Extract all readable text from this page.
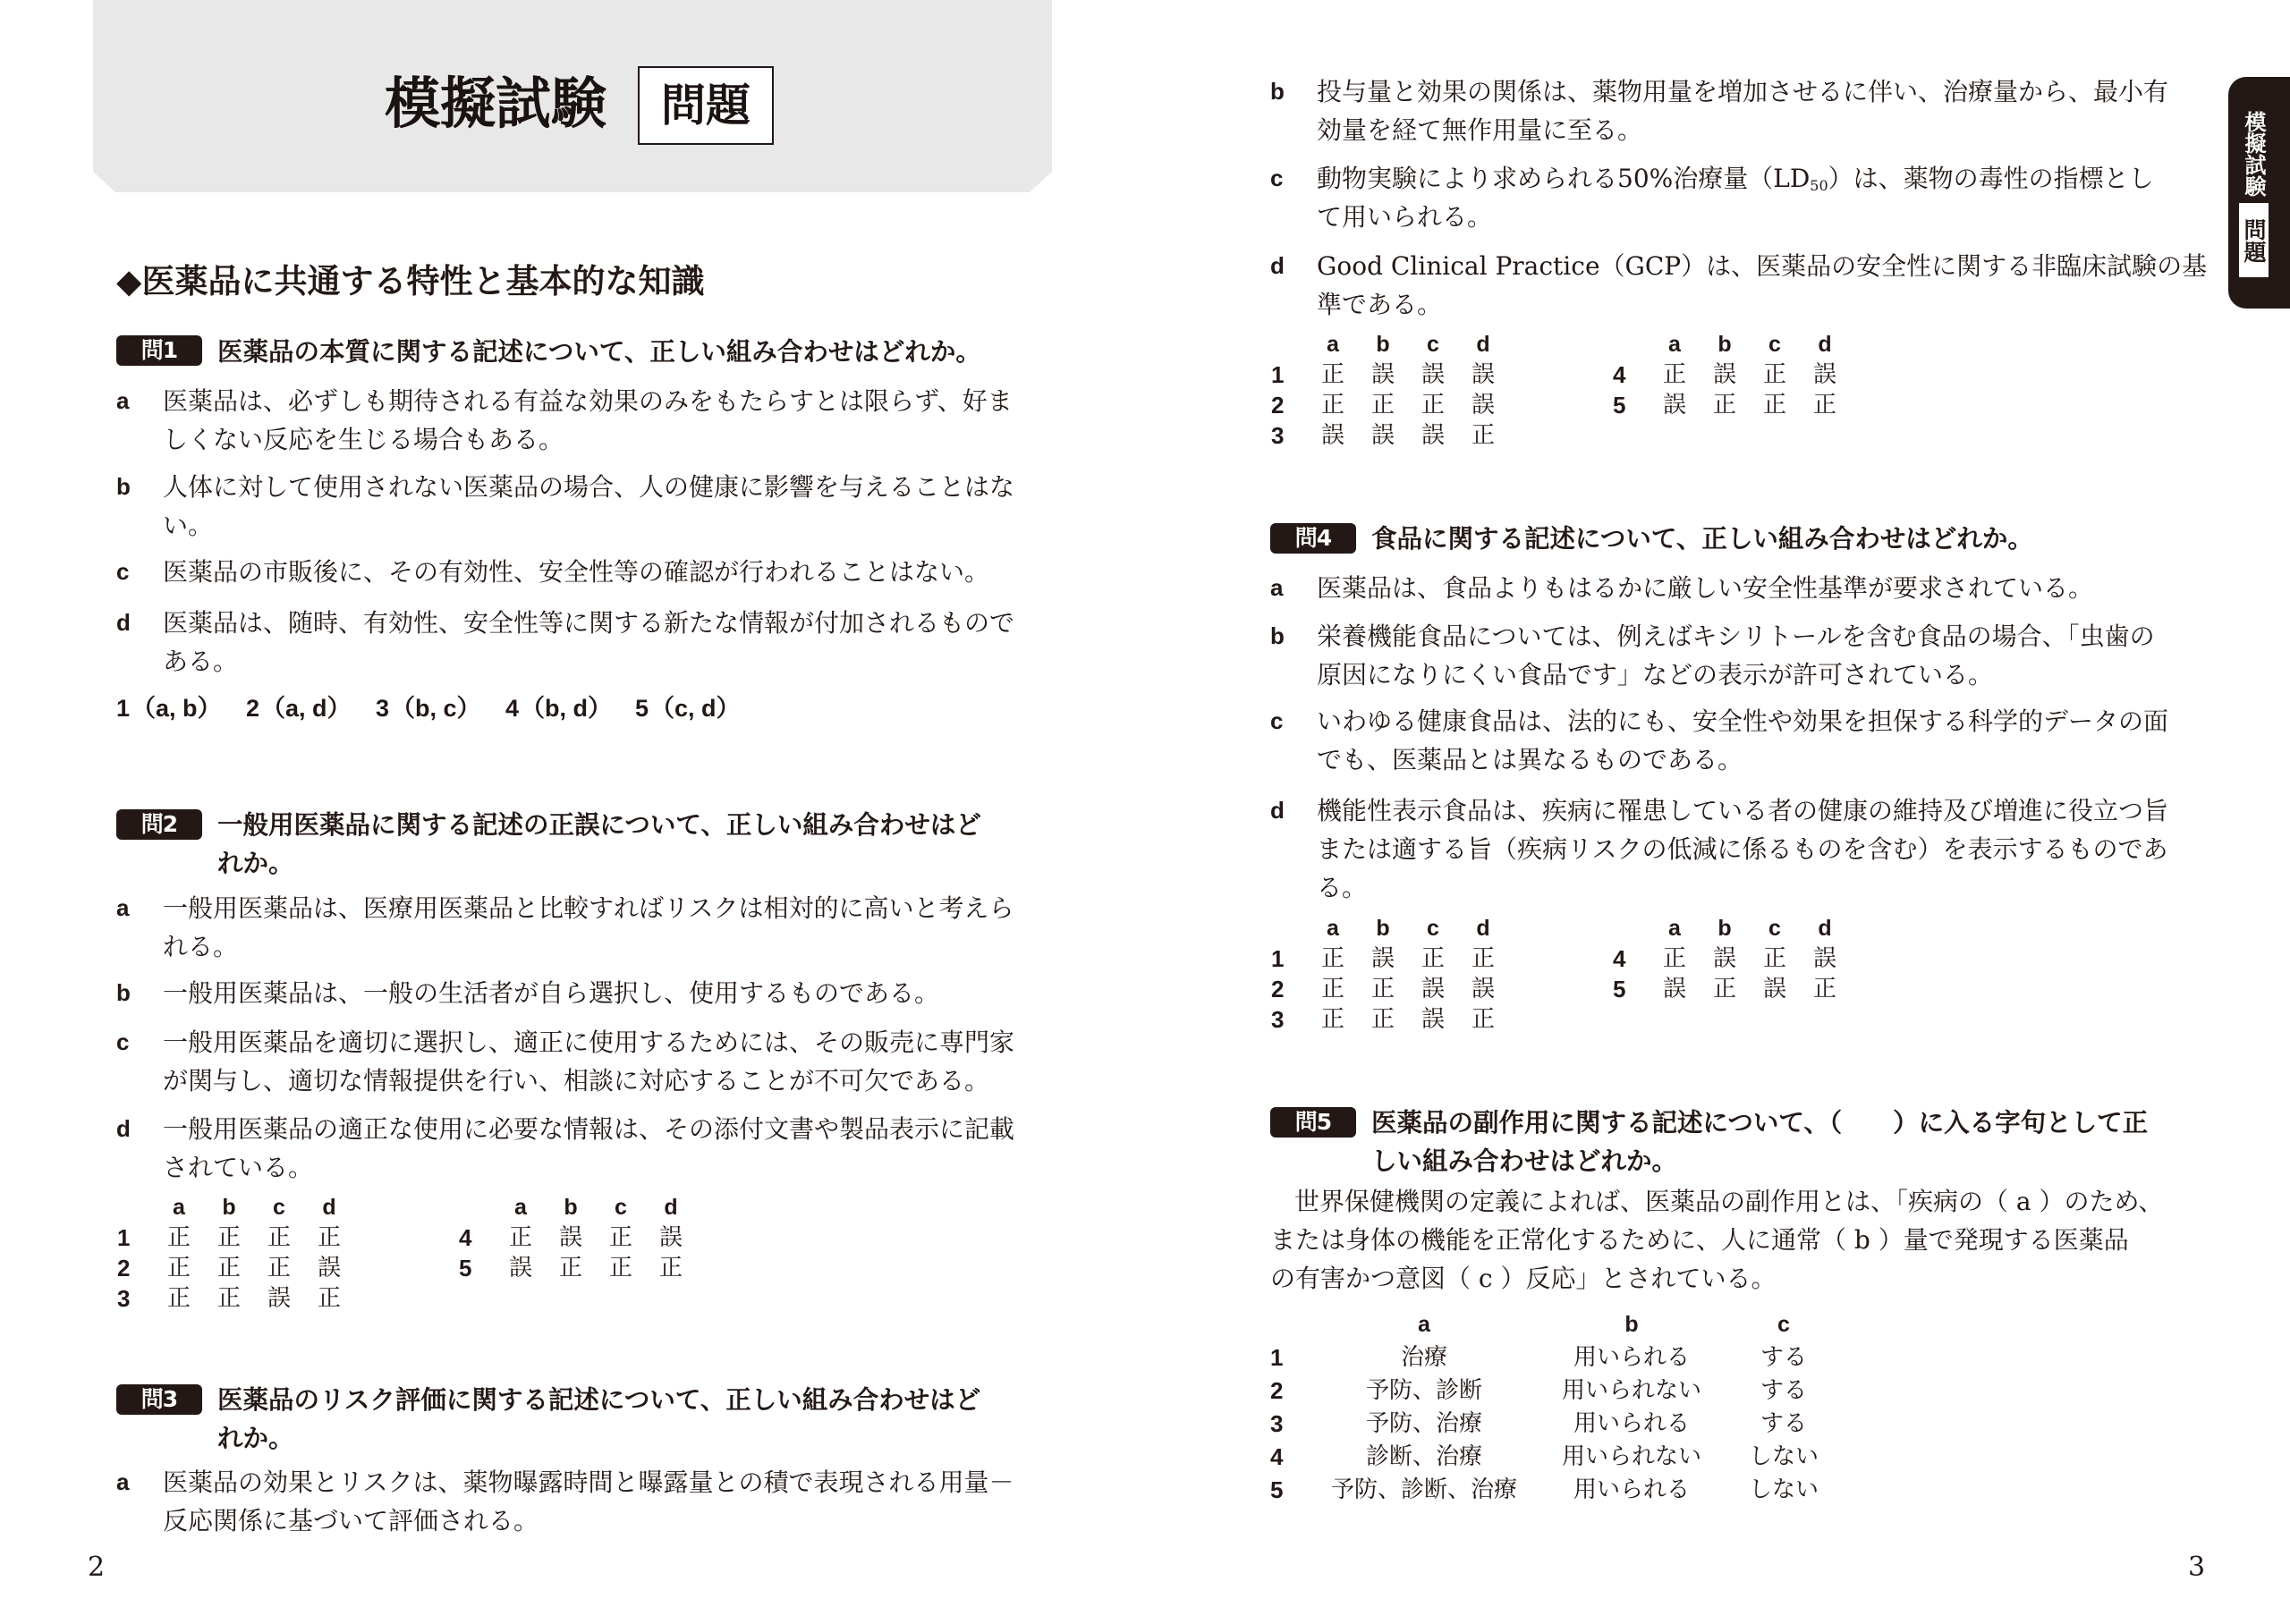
模擬試験	問題
◆医薬品に共通する特性と基本的な知識
問1	医薬品の本質に関する記述について、正しい組み合わせはどれか。
a	医薬品は、必ずしも期待される有益な効果のみをもたらすとは限らず、好ま
しくない反応を生じる場合もある。
b	人体に対して使用されない医薬品の場合、人の健康に影響を与えることはな
い。
c	医薬品の市販後に、その有効性、安全性等の確認が行われることはない。
d	医薬品は、随時、有効性、安全性等に関する新たな情報が付加されるもので
ある。
1（a, b）	2（a, d）	3（b, c）	4（b, d） 5（c, d）
問2	一般用医薬品に関する記述の正誤について、正しい組み合わせはど
れか。
a	一般用医薬品は、医療用医薬品と比較すればリスクは相対的に高いと考えら
れる。
b	一般用医薬品は、一般の生活者が自ら選択し、使用するものである。
c	一般用医薬品を適切に選択し、適正に使用するためには、その販売に専門家
が関与し、適切な情報提供を行い、相談に対応することが不可欠である。
d	一般用医薬品の適正な使用に必要な情報は、その添付文書や製品表示に記載
されている。
a	b	c	d
1	正	正	正	正
2	正	正	正	誤
3	正	正	誤	正
a	b	c	d
4	正	誤	正	誤
5	誤	正	正	正
問3	医薬品のリスク評価に関する記述について、正しい組み合わせはど
れか。
a	医薬品の効果とリスクは、薬物曝露時間と曝露量との積で表現される用量－
反応関係に基づいて評価される。
2
b	投与量と効果の関係は、薬物用量を増加させるに伴い、治療量から、最小有
効量を経て無作用量に至る。
c	動物実験により求められる50%治療量$(LD_{50})$は、薬物の毒性の指標とし
て用いられる。
d	Good Clinical Practice（GCP）は、医薬品の安全性に関する非臨床試験の基
準である。
a	b	c	d
1	正	誤	誤	誤
2	正	正	正	誤
3	誤	誤	誤	正
a	b	c	d
4	正	誤	正	誤
5	誤	正	正	正
問4	食品に関する記述について、正しい組み合わせはどれか。
a	医薬品は、食品よりもはるかに厳しい安全性基準が要求されている。
b	栄養機能食品については、例えばキシリトールを含む食品の場合、「虫歯の
原因になりにくい食品です」などの表示が許可されている。
c	いわゆる健康食品は、法的にも、安全性や効果を担保する科学的データの面
でも、医薬品とは異なるものである。
d	機能性表示食品は、疾病に罹患している者の健康の維持及び増進に役立つ旨
または適する旨（疾病リスクの低減に係るものを含む）を表示するものであ
る。
a	b	c	d
1	正	誤	正	正
2	正	正	誤	誤
3	正	正	誤	正
a	b	c	d
4	正	誤	正	誤
5	誤	正	誤	正
問5	医薬品の副作用に関する記述について、（　　）に入る字句として正
しい組み合わせはどれか。
世界保健機関の定義によれば、医薬品の副作用とは、「疾病の（ a ）のため、
または身体の機能を正常化するために、人に通常（ b ）量で発現する医薬品
の有害かつ意図（ c ）反応」とされている。
a	b	c
1	治療	用いられる	する
2	予防、診断	用いられない	する
3	予防、治療	用いられる	する
4	診断、治療	用いられない	しない
5	予防、診断、治療	用いられる	しない
3
模擬試験
問題
